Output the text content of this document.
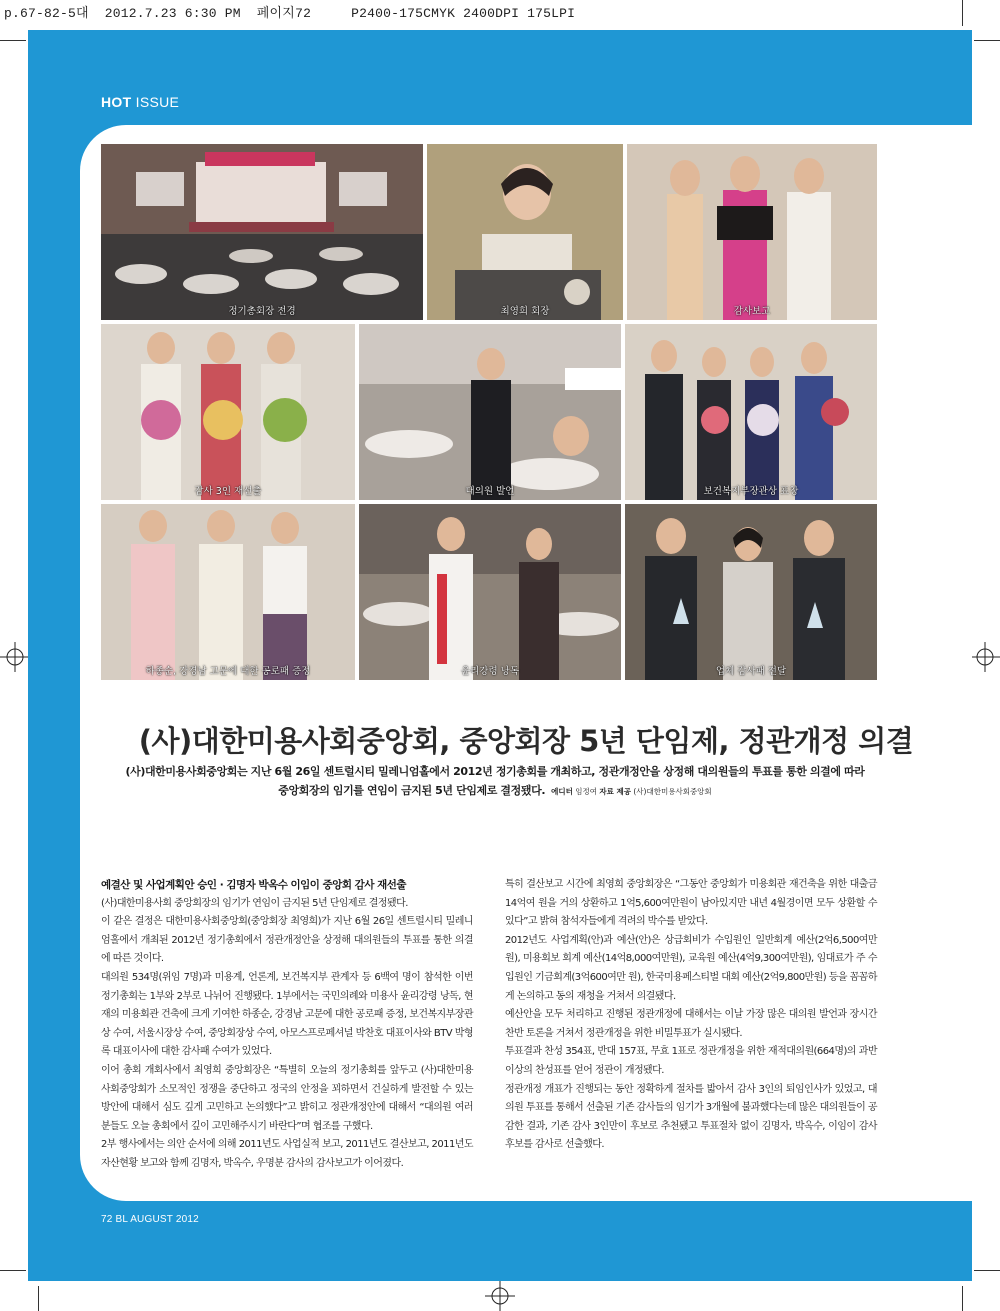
p.67-82-5대  2012.7.23 6:30 PM  페이지72     P2400-175CMYK 2400DPI 175LPI
HOT ISSUE
정기총회장 전경	최영희 회장	감사보고
감사 3인 재선출	대의원 발언	보건복지부장관상 표창
하종순, 강경남 고문에 대한 공로패 증정	윤리강령 낭독	업체 감사패 전달
(사)대한미용사회중앙회, 중앙회장 5년 단임제, 정관개정 의결
(사)대한미용사회중앙회는 지난 6월 26일 센트럴시티 밀레니엄홀에서 2012년 정기총회를 개최하고, 정관개정안을 상정해 대의원들의 투표를 통한 의결에 따라
중앙회장의 임기를 연임이 금지된 5년 단임제로 결정됐다. 에디터 임정여 자료 제공 (사)대한미용사회중앙회

예결산 및 사업계획안 승인 · 김명자 박옥수 이임이 중앙회 감사 재선출

(사)대한미용사회 중앙회장의 임기가 연임이 금지된 5년 단임제로 결정됐다.

이 같은 결정은 대한미용사회중앙회(중앙회장 최영희)가 지난 6월 26일 센트럴시티 밀레니엄홀에서 개최된 2012년 정기총회에서 정관개정안을 상정해 대의원들의 투표를 통한 의결에 따른 것이다.

대의원 534명(위임 7명)과 미용계, 언론계, 보건복지부 관계자 등 6백여 명이 참석한 이번 정기총회는 1부와 2부로 나뉘어 진행됐다. 1부에서는 국민의례와 미용사 윤리강령 낭독, 현재의 미용회관 건축에 크게 기여한 하종순, 강경남 고문에 대한 공로패 증정, 보건복지부장관상 수여, 서울시장상 수여, 중앙회장상 수여, 아모스프로페셔널 박찬호 대표이사와 BTV 박형록 대표이사에 대한 감사패 수여가 있었다.

이어 총회 개회사에서 최영희 중앙회장은 “특별히 오늘의 정기총회를 앞두고 (사)대한미용사회중앙회가 소모적인 정쟁을 중단하고 정국의 안정을 꾀하면서 건실하게 발전할 수 있는 방안에 대해서 심도 깊게 고민하고 논의했다”고 밝히고 정관개정안에 대해서 “대의원 여러분들도 오늘 총회에서 깊이 고민해주시기 바란다”며 협조를 구했다.

2부 행사에서는 의안 순서에 의해 2011년도 사업실적 보고, 2011년도 결산보고, 2011년도 자산현황 보고와 함께 김명자, 박옥수, 우명분 감사의 감사보고가 이어졌다.

특히 결산보고 시간에 최영희 중앙회장은 “그동안 중앙회가 미용회관 재건축을 위한 대출금 14억여 원을 거의 상환하고 1억5,600여만원이 남아있지만 내년 4월경이면 모두 상환할 수 있다”고 밝혀 참석자들에게 격려의 박수를 받았다.

2012년도 사업계획(안)과 예산(안)은 상급회비가 수입원인 일반회계 예산(2억6,500여만 원), 미용회보 회계 예산(14억8,000여만원), 교육원 예산(4억9,300여만원), 임대료가 주 수입원인 기금회계(3억600여만 원), 한국미용페스티벌 대회 예산(2억9,800만원) 등을 꼼꼼하게 논의하고 동의 재청을 거쳐서 의결됐다.

예산안을 모두 처리하고 진행된 정관개정에 대해서는 이날 가장 많은 대의원 발언과 장시간 찬반 토론을 거쳐서 정관개정을 위한 비밀투표가 실시됐다.

투표결과 찬성 354표, 반대 157표, 무효 1표로 정관개정을 위한 재적대의원(664명)의 과반 이상의 찬성표를 얻어 정관이 개정됐다.

정관개정 개표가 진행되는 동안 정확하게 절차를 밟아서 감사 3인의 퇴임인사가 있었고, 대의원 투표를 통해서 선출된 기존 감사들의 임기가 3개월에 불과했다는데 많은 대의원들이 공감한 결과, 기존 감사 3인만이 후보로 추천됐고 투표절차 없이 김명자, 박옥수, 이임이 감사후보를 감사로 선출했다.

72 BL AUGUST 2012
